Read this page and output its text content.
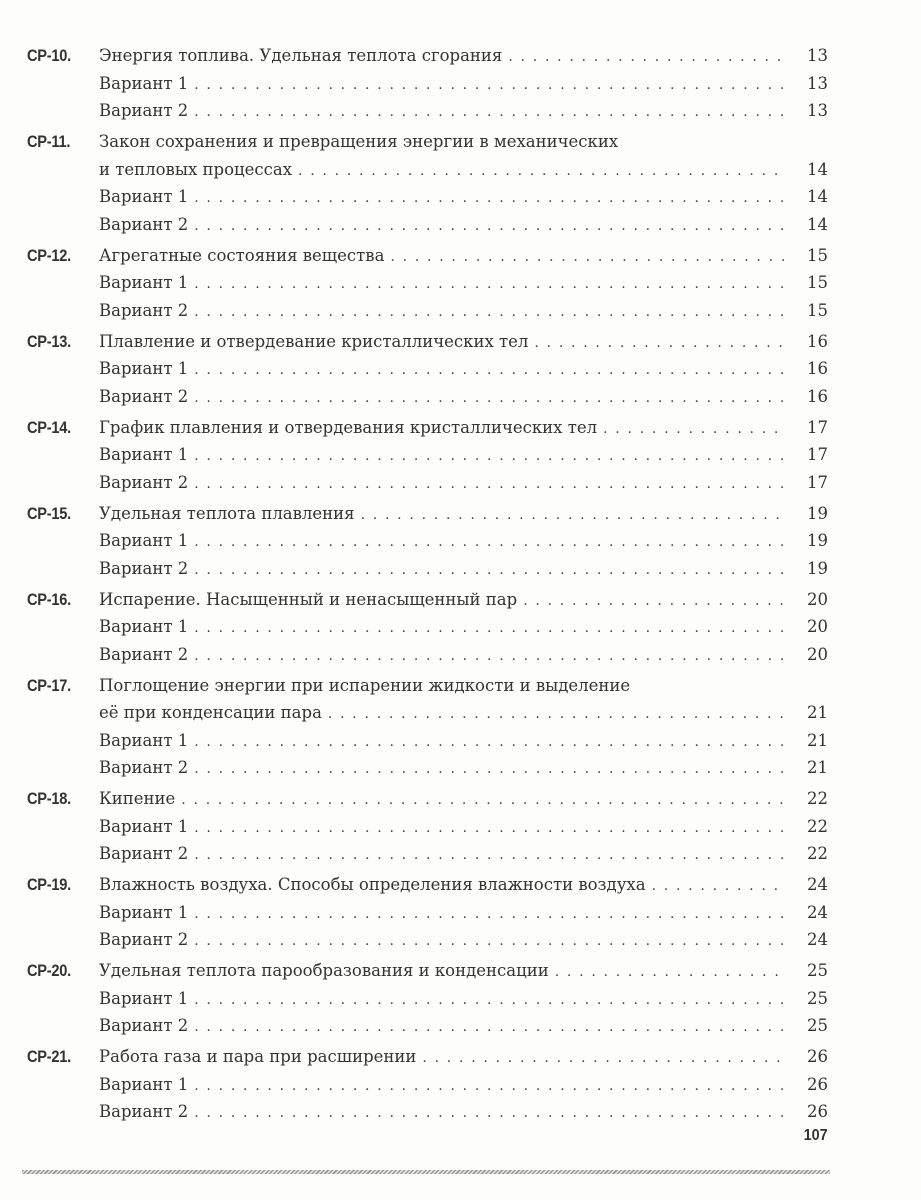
СР-10. Энергия топлива. Удельная теплота сгорания . . .	13
Вариант 1 . . .	13
Вариант 2 . . .	13
СР-11. Закон сохранения и превращения энергии в механических
и тепловых процессах . . .	14
Вариант 1 . . .	14
Вариант 2 . . .	14
СР-12. Агрегатные состояния вещества . . .	15
Вариант 1 . . .	15
Вариант 2 . . .	15
СР-13. Плавление и отвердевание кристаллических тел . . .	16
Вариант 1 . . .	16
Вариант 2 . . .	16
СР-14. График плавления и отвердевания кристаллических тел . . .	17
Вариант 1 . . .	17
Вариант 2 . . .	17
СР-15. Удельная теплота плавления . . .	19
Вариант 1 . . .	19
Вариант 2 . . .	19
СР-16. Испарение. Насыщенный и ненасыщенный пар . . .	20
Вариант 1 . . .	20
Вариант 2 . . .	20
СР-17. Поглощение энергии при испарении жидкости и выделение
её при конденсации пара . . .	21
Вариант 1 . . .	21
Вариант 2 . . .	21
СР-18. Кипение . . .	22
Вариант 1 . . .	22
Вариант 2 . . .	22
СР-19. Влажность воздуха. Способы определения влажности воздуха . . .	24
Вариант 1 . . .	24
Вариант 2 . . .	24
СР-20. Удельная теплота парообразования и конденсации . . .	25
Вариант 1 . . .	25
Вариант 2 . . .	25
СР-21. Работа газа и пара при расширении . . .	26
Вариант 1 . . .	26
Вариант 2 . . .	26
107
